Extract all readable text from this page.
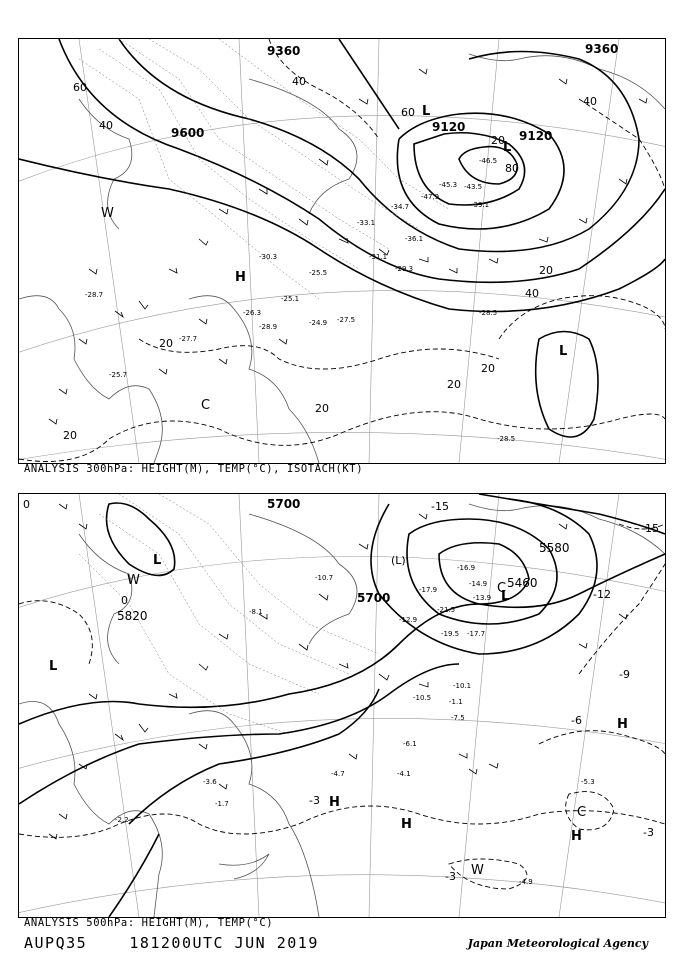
9360
9600	9120
9120
9360
40
60
40
40
60
80
20
20
40
20
20
20
20
20
L
L
H
L
W
C
-45.3
-46.5
-47.9
-43.5
-39.1
-36.1
-31.1
-29.3
-28.5
-25.5
-26.3
-24.9 -27.5
-25.1
-28.9
-27.7
-25.7
-33.1
-34.7
-30.3
-28.7
-28.5
ANALYSIS 300hPa: HEIGHT(M), TEMP(°C), ISOTACH(KT)
5700
5700
5580
5460
5820
-15
-15
-12
-9
-6
-3
-3
-3
0
0
L	(L)
L
L
H
H
H
H
W
W
C
C
-16.9
-17.9
-14.9
-13.9
-21.5
-19.5 -17.7
-12.9
-10.5
-7.5
-6.1
-4.1
-5.3
-4.7
-1.7
-2.2
-4.9
-3.6
-10.1
-10.7
-8.1
-1.1
ANALYSIS 500hPa: HEIGHT(M), TEMP(°C)
AUPQ35	181200UTC JUN 2019	Japan Meteorological Agency
